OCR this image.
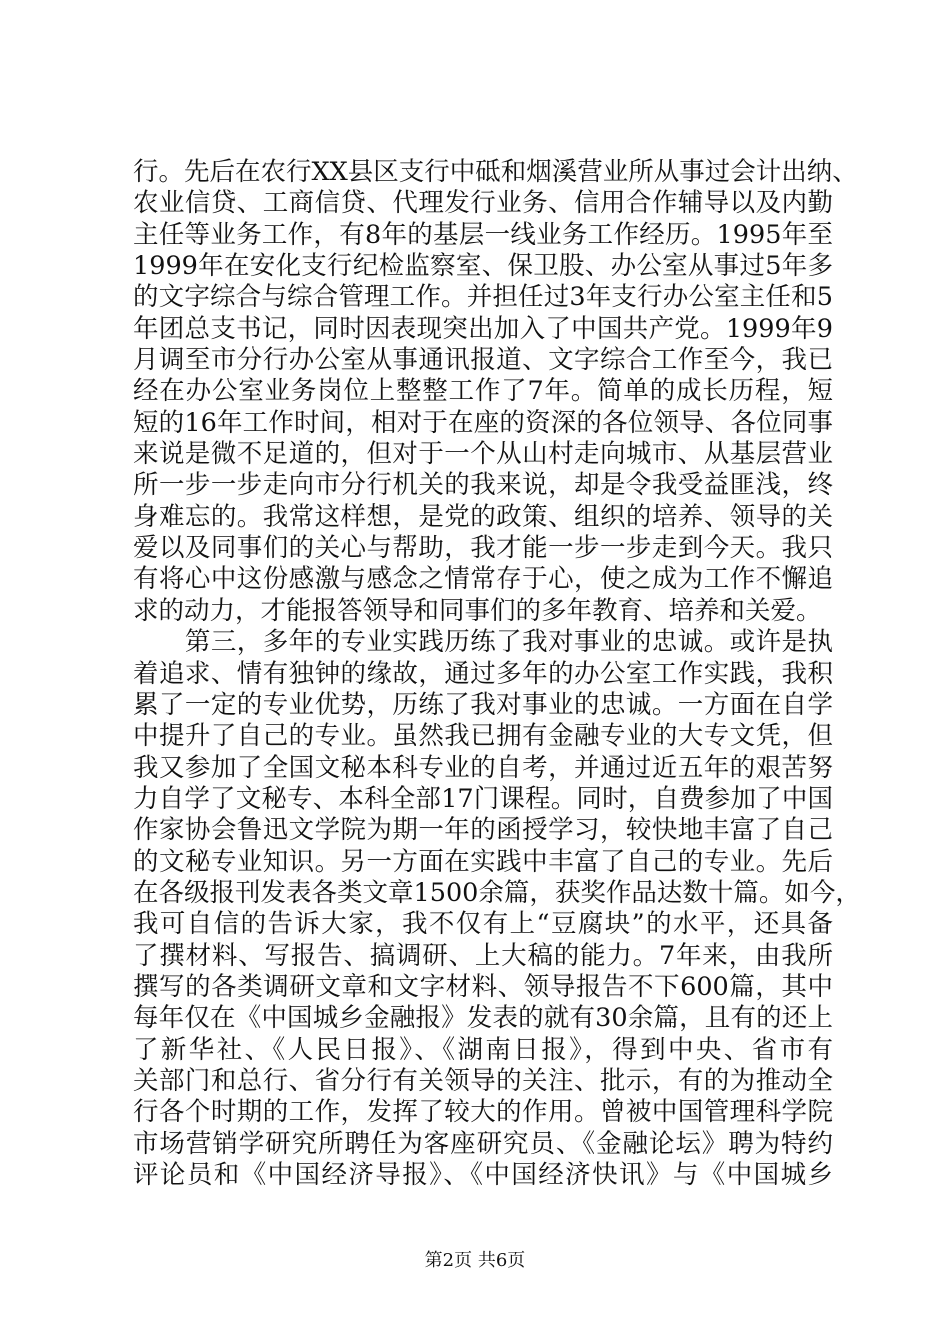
行。先后在农行XX县区支行中砥和烟溪营业所从事过会计出纳、
农业信贷、工商信贷、代理发行业务、信用合作辅导以及内勤
主任等业务工作，有8年的基层一线业务工作经历。1995年至
1999年在安化支行纪检监察室、保卫股、办公室从事过5年多
的文字综合与综合管理工作。并担任过3年支行办公室主任和5
年团总支书记，同时因表现突出加入了中国共产党。1999年9
月调至市分行办公室从事通讯报道、文字综合工作至今，我已
经在办公室业务岗位上整整工作了7年。简单的成长历程，短
短的16年工作时间，相对于在座的资深的各位领导、各位同事
来说是微不足道的，但对于一个从山村走向城市、从基层营业
所一步一步走向市分行机关的我来说，却是令我受益匪浅，终
身难忘的。我常这样想，是党的政策、组织的培养、领导的关
爱以及同事们的关心与帮助，我才能一步一步走到今天。我只
有将心中这份感激与感念之情常存于心，使之成为工作不懈追
求的动力，才能报答领导和同事们的多年教育、培养和关爱。
　　第三，多年的专业实践历练了我对事业的忠诚。或许是执
着追求、情有独钟的缘故，通过多年的办公室工作实践，我积
累了一定的专业优势，历练了我对事业的忠诚。一方面在自学
中提升了自己的专业。虽然我已拥有金融专业的大专文凭，但
我又参加了全国文秘本科专业的自考，并通过近五年的艰苦努
力自学了文秘专、本科全部17门课程。同时，自费参加了中国
作家协会鲁迅文学院为期一年的函授学习，较快地丰富了自己
的文秘专业知识。另一方面在实践中丰富了自己的专业。先后
在各级报刊发表各类文章1500余篇，获奖作品达数十篇。如今，
我可自信的告诉大家，我不仅有上“豆腐块”的水平，还具备
了撰材料、写报告、搞调研、上大稿的能力。7年来，由我所
撰写的各类调研文章和文字材料、领导报告不下600篇，其中
每年仅在《中国城乡金融报》发表的就有30余篇，且有的还上
了新华社、《人民日报》、《湖南日报》，得到中央、省市有
关部门和总行、省分行有关领导的关注、批示，有的为推动全
行各个时期的工作，发挥了较大的作用。曾被中国管理科学院
市场营销学研究所聘任为客座研究员、《金融论坛》聘为特约
评论员和《中国经济导报》、《中国经济快讯》与《中国城乡
第2页 共6页
